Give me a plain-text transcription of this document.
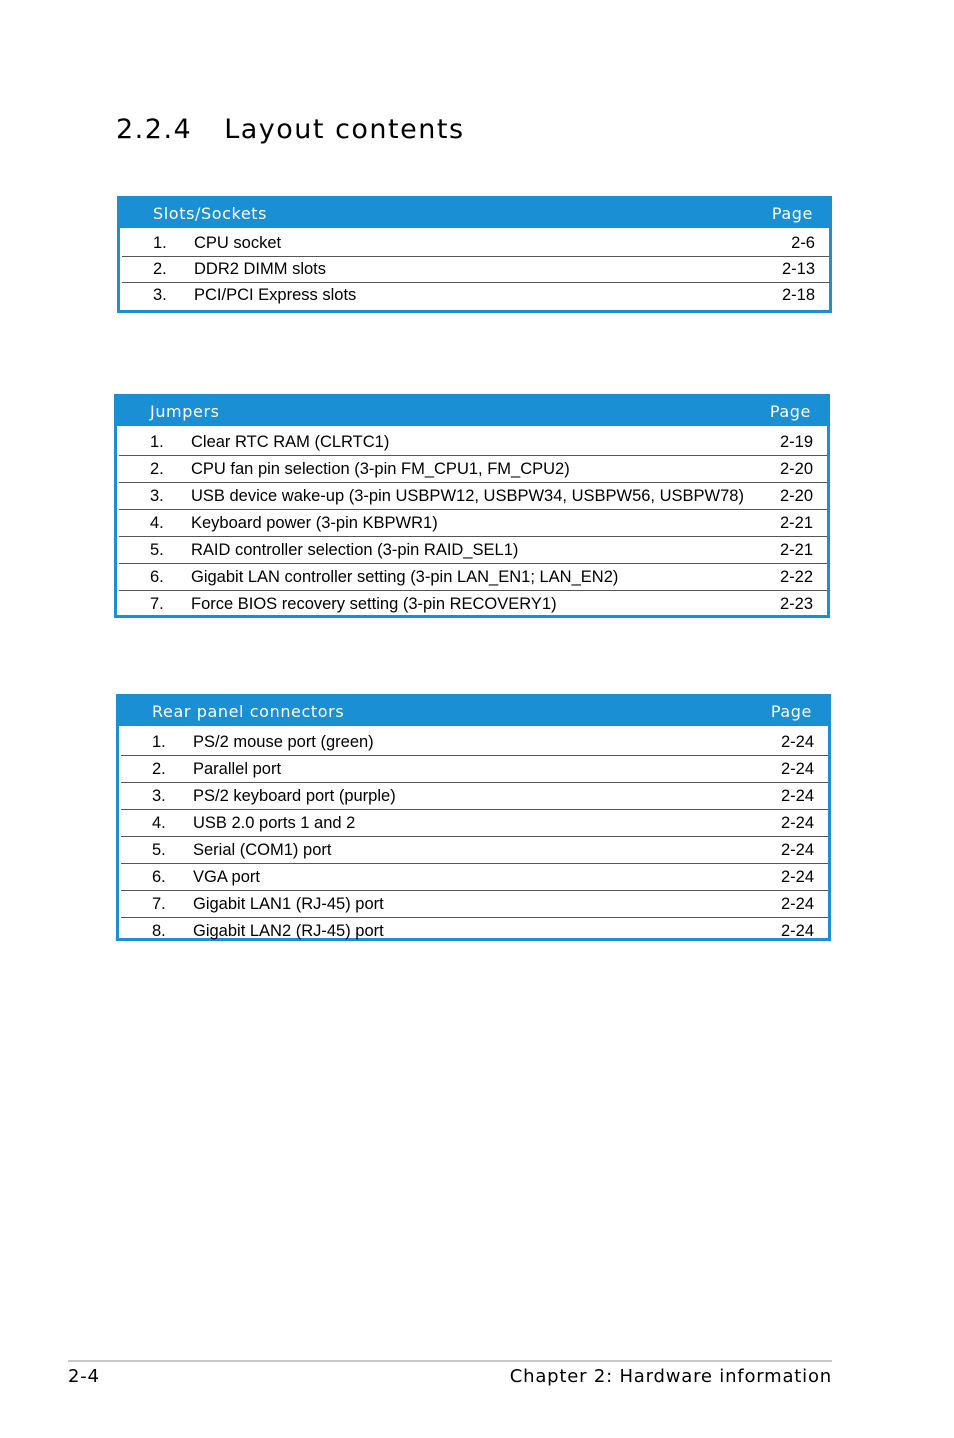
2.2.4 Layout contents
Slots/Sockets	Page
1.	CPU socket	2-6
2.	DDR2 DIMM slots	2-13
3.	PCI/PCI Express slots	2-18
Jumpers	Page
1.	Clear RTC RAM (CLRTC1)	2-19
2.	CPU fan pin selection (3-pin FM_CPU1, FM_CPU2)	2-20
3.	USB device wake-up (3-pin USBPW12, USBPW34, USBPW56, USBPW78)	2-20
4.	Keyboard power (3-pin KBPWR1)	2-21
5.	RAID controller selection (3-pin RAID_SEL1)	2-21
6.	Gigabit LAN controller setting (3-pin LAN_EN1; LAN_EN2)	2-22
7.	Force BIOS recovery setting (3-pin RECOVERY1)	2-23
Rear panel connectors	Page
1.	PS/2 mouse port (green)	2-24
2.	Parallel port	2-24
3.	PS/2 keyboard port (purple)	2-24
4.	USB 2.0 ports 1 and 2	2-24
5.	Serial (COM1) port	2-24
6.	VGA port	2-24
7.	Gigabit LAN1 (RJ-45) port	2-24
8.	Gigabit LAN2 (RJ-45) port	2-24
2-4	Chapter 2: Hardware information
